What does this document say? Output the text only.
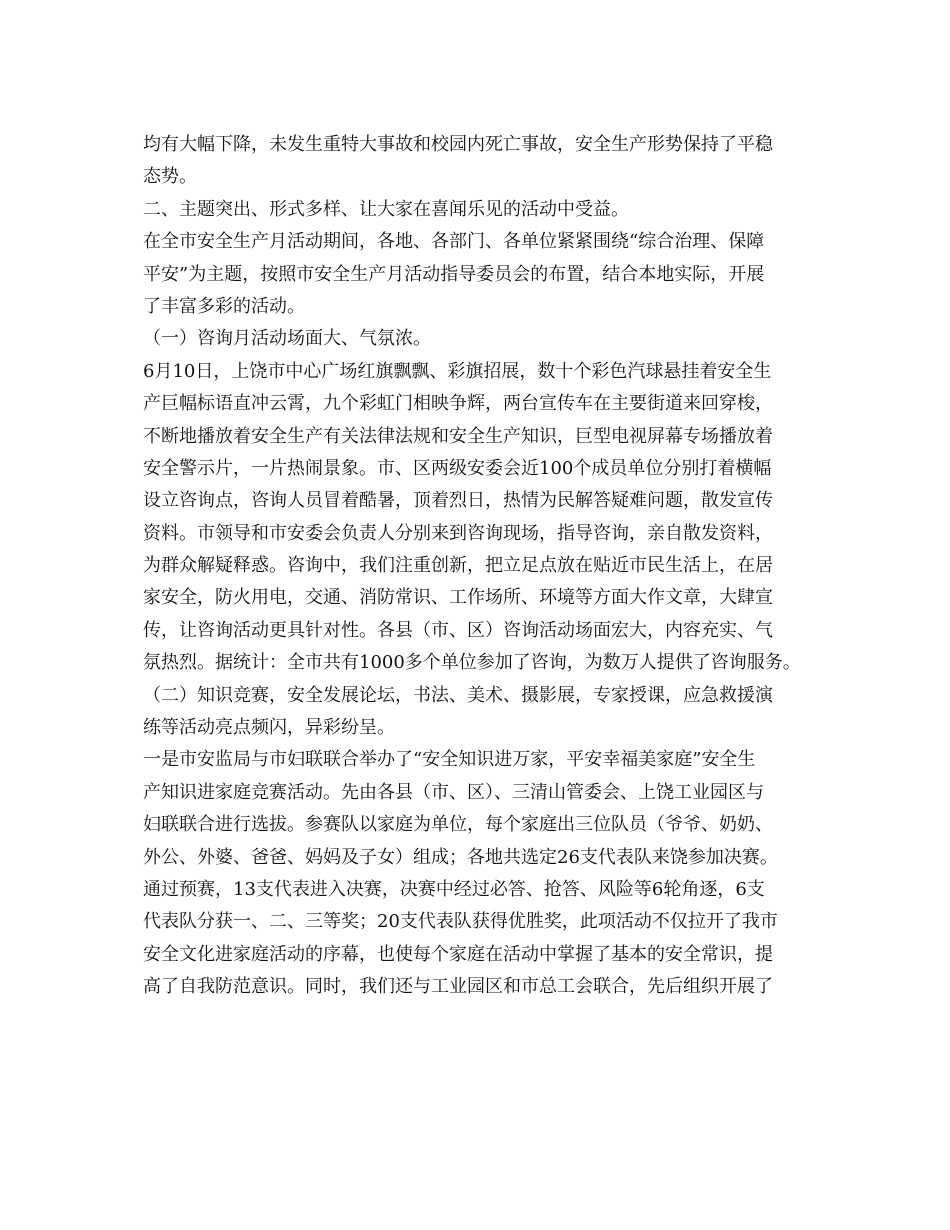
均有大幅下降，未发生重特大事故和校园内死亡事故，安全生产形势保持了平稳
态势。
二、主题突出、形式多样、让大家在喜闻乐见的活动中受益。
在全市安全生产月活动期间，各地、各部门、各单位紧紧围绕“综合治理、保障
平安”为主题，按照市安全生产月活动指导委员会的布置，结合本地实际，开展
了丰富多彩的活动。
（一）咨询月活动场面大、气氛浓。
6月10日，上饶市中心广场红旗飘飘、彩旗招展，数十个彩色汽球悬挂着安全生
产巨幅标语直冲云霄，九个彩虹门相映争辉，两台宣传车在主要街道来回穿梭，
不断地播放着安全生产有关法律法规和安全生产知识，巨型电视屏幕专场播放着
安全警示片，一片热闹景象。市、区两级安委会近100个成员单位分别打着横幅
设立咨询点，咨询人员冒着酷暑，顶着烈日，热情为民解答疑难问题，散发宣传
资料。市领导和市安委会负责人分别来到咨询现场，指导咨询，亲自散发资料，
为群众解疑释惑。咨询中，我们注重创新，把立足点放在贴近市民生活上，在居
家安全，防火用电，交通、消防常识、工作场所、环境等方面大作文章，大肆宣
传，让咨询活动更具针对性。各县（市、区）咨询活动场面宏大，内容充实、气
氛热烈。据统计：全市共有1000多个单位参加了咨询，为数万人提供了咨询服务。
（二）知识竞赛，安全发展论坛，书法、美术、摄影展，专家授课，应急救援演
练等活动亮点频闪，异彩纷呈。
一是市安监局与市妇联联合举办了“安全知识进万家，平安幸福美家庭”安全生
产知识进家庭竞赛活动。先由各县（市、区）、三清山管委会、上饶工业园区与
妇联联合进行选拔。参赛队以家庭为单位，每个家庭出三位队员（爷爷、奶奶、
外公、外婆、爸爸、妈妈及子女）组成；各地共选定26支代表队来饶参加决赛。
通过预赛，13支代表进入决赛，决赛中经过必答、抢答、风险等6轮角逐，6支
代表队分获一、二、三等奖；20支代表队获得优胜奖，此项活动不仅拉开了我市
安全文化进家庭活动的序幕，也使每个家庭在活动中掌握了基本的安全常识，提
高了自我防范意识。同时，我们还与工业园区和市总工会联合，先后组织开展了
